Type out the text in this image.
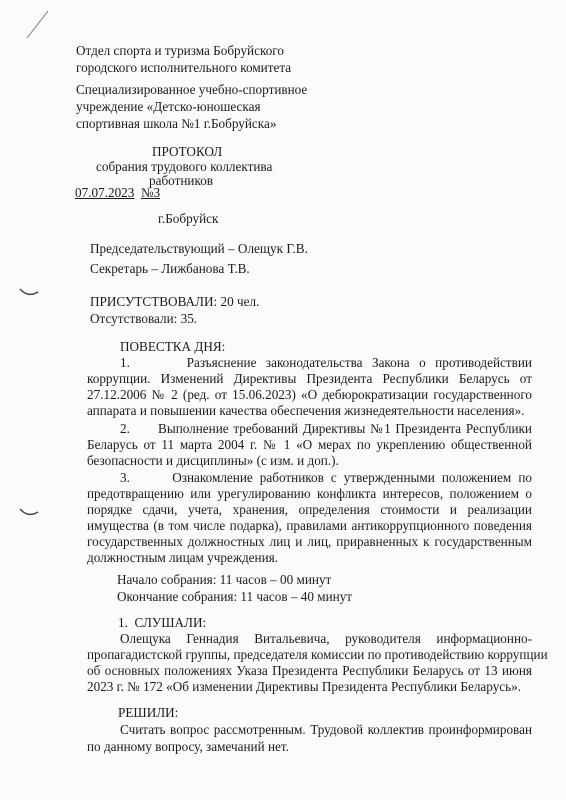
Отдел спорта и туризма Бобруйского
городского исполнительного комитета
Специализированное учебно-спортивное
учреждение «Детско-юношеская
спортивная школа №1 г.Бобруйска»
ПРОТОКОЛ
собрания трудового коллектива
работников
07.07.2023 №3
г.Бобруйск
Председательствующий – Олещук Г.В.
Секретарь – Лижбанова Т.В.
ПРИСУТСТВОВАЛИ: 20 чел.
Отсутствовали: 35.
ПОВЕСТКА ДНЯ:
1.      Разъяснение законодательства Закона о противодействии
коррупции. Изменений Директивы Президента Республики Беларусь от
27.12.2006 № 2 (ред. от 15.06.2023) «О дебюрократизации государственного
аппарата и повышении качества обеспечения жизнедеятельности населения».
2.      Выполнение требований Директивы №1 Президента Республики
Беларусь от 11 марта 2004 г. № 1 «О мерах по укреплению общественной
безопасности и дисциплины» (с изм. и доп.).
3.      Ознакомление работников с утвержденными положением по
предотвращению или урегулированию конфликта интересов, положением о
порядке сдачи, учета, хранения, определения стоимости и реализации
имущества (в том числе подарка), правилами антикоррупционного поведения
государственных должностных лиц и лиц, приравненных к государственным
должностным лицам учреждения.
Начало собрания: 11 часов – 00 минут
Окончание собрания: 11 часов – 40 минут
1.  СЛУШАЛИ:
Олещука Геннадия Витальевича, руководителя информационно-
пропагадистской группы, председателя комиссии по противодействию коррупции
об основных положениях Указа Президента Республики Беларусь от 13 июня
2023 г. № 172 «Об изменении Директивы Президента Республики Беларусь».
РЕШИЛИ:
Считать вопрос рассмотренным. Трудовой коллектив проинформирован
по данному вопросу, замечаний нет.
